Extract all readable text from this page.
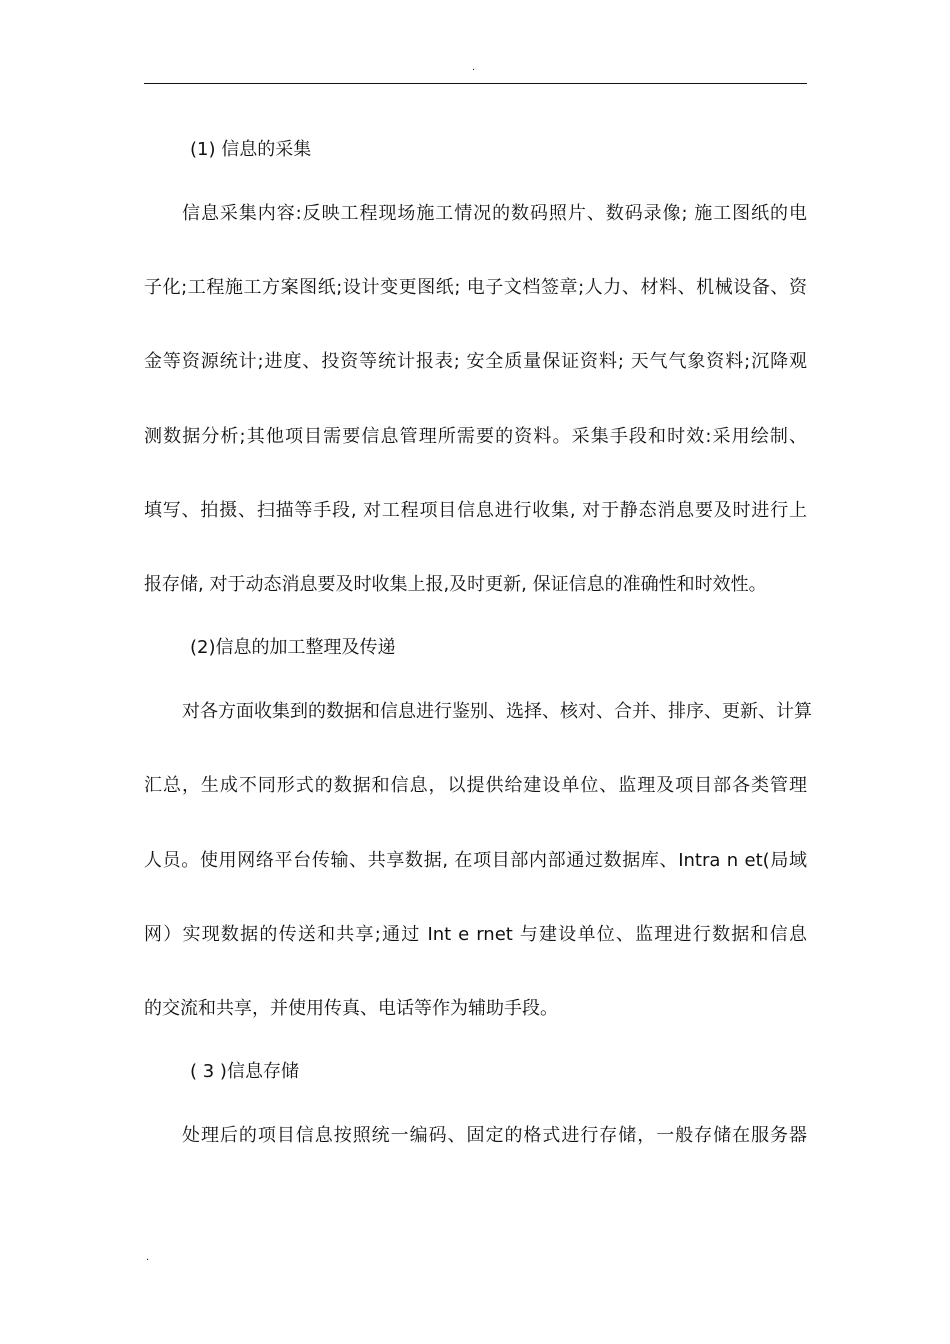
.
(1) 信息的采集
信息采集内容:反映工程现场施工情况的数码照片、数码录像; 施工图纸的电
子化;工程施工方案图纸;设计变更图纸; 电子文档签章;人力、材料、机械设备、资
金等资源统计;进度、投资等统计报表; 安全质量保证资料; 天气气象资料;沉降观
测数据分析;其他项目需要信息管理所需要的资料。采集手段和时效:采用绘制、
填写、拍摄、扫描等手段, 对工程项目信息进行收集, 对于静态消息要及时进行上
报存储, 对于动态消息要及时收集上报,及时更新, 保证信息的准确性和时效性。
(2)信息的加工整理及传递
对各方面收集到的数据和信息进行鉴别、选择、核对、合并、排序、更新、计算
汇总，生成不同形式的数据和信息，以提供给建设单位、监理及项目部各类管理
人员。使用网络平台传输、共享数据, 在项目部内部通过数据库、Intra n et(局域
网）实现数据的传送和共享;通过 Int e rnet 与建设单位、监理进行数据和信息
的交流和共享，并使用传真、电话等作为辅助手段。
( 3 )信息存储
处理后的项目信息按照统一编码、固定的格式进行存储，一般存储在服务器
.
